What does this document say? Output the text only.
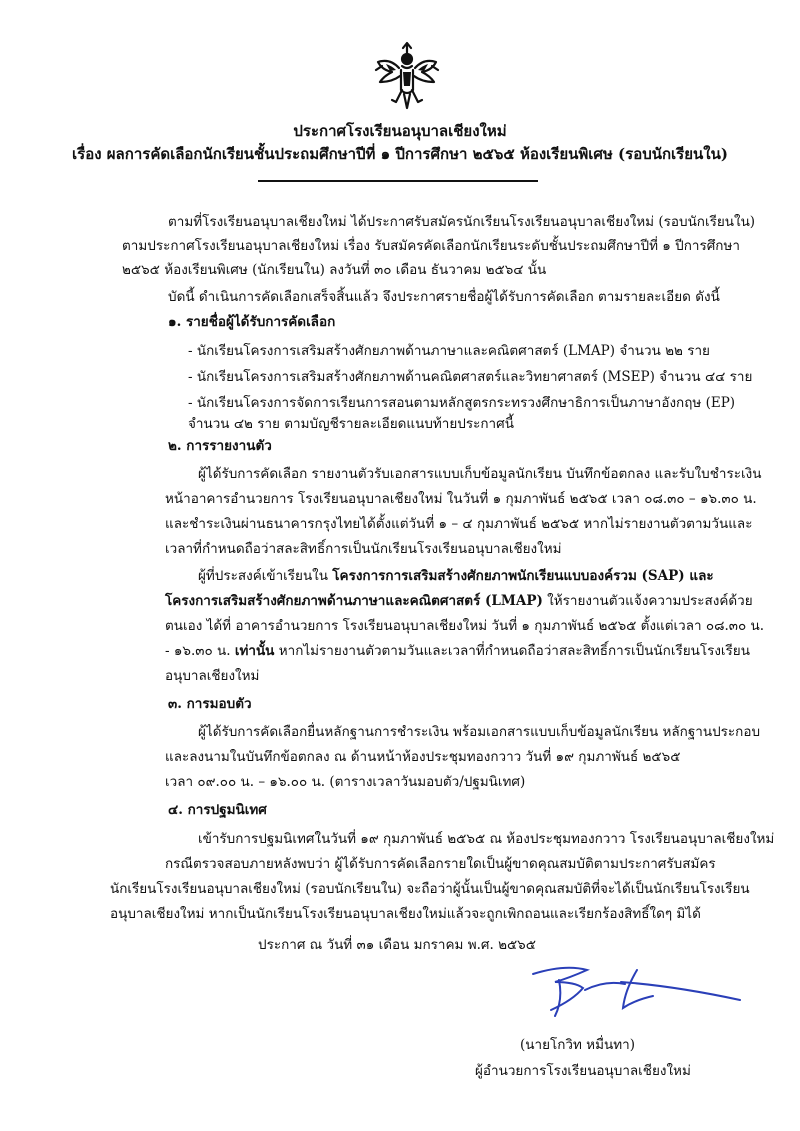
ประกาศโรงเรียนอนุบาลเชียงใหม่
เรื่อง ผลการคัดเลือกนักเรียนชั้นประถมศึกษาปีที่ ๑ ปีการศึกษา ๒๕๖๕ ห้องเรียนพิเศษ (รอบนักเรียนใน)
ตามที่โรงเรียนอนุบาลเชียงใหม่ ได้ประกาศรับสมัครนักเรียนโรงเรียนอนุบาลเชียงใหม่ (รอบนักเรียนใน)
ตามประกาศโรงเรียนอนุบาลเชียงใหม่ เรื่อง รับสมัครคัดเลือกนักเรียนระดับชั้นประถมศึกษาปีที่ ๑ ปีการศึกษา
๒๕๖๕ ห้องเรียนพิเศษ (นักเรียนใน) ลงวันที่ ๓๐ เดือน ธันวาคม ๒๕๖๔ นั้น
บัดนี้ ดำเนินการคัดเลือกเสร็จสิ้นแล้ว จึงประกาศรายชื่อผู้ได้รับการคัดเลือก ตามรายละเอียด ดังนี้
๑. รายชื่อผู้ได้รับการคัดเลือก
- นักเรียนโครงการเสริมสร้างศักยภาพด้านภาษาและคณิตศาสตร์ (LMAP) จำนวน ๒๒ ราย
- นักเรียนโครงการเสริมสร้างศักยภาพด้านคณิตศาสตร์และวิทยาศาสตร์ (MSEP) จำนวน ๔๔ ราย
- นักเรียนโครงการจัดการเรียนการสอนตามหลักสูตรกระทรวงศึกษาธิการเป็นภาษาอังกฤษ (EP)
จำนวน ๔๒ ราย ตามบัญชีรายละเอียดแนบท้ายประกาศนี้
๒. การรายงานตัว
ผู้ได้รับการคัดเลือก รายงานตัวรับเอกสารแบบเก็บข้อมูลนักเรียน บันทึกข้อตกลง และรับใบชำระเงิน
หน้าอาคารอำนวยการ โรงเรียนอนุบาลเชียงใหม่ ในวันที่ ๑ กุมภาพันธ์ ๒๕๖๕ เวลา ๐๘.๓๐ – ๑๖.๓๐ น.
และชำระเงินผ่านธนาคารกรุงไทยได้ตั้งแต่วันที่ ๑ – ๔ กุมภาพันธ์ ๒๕๖๕ หากไม่รายงานตัวตามวันและ
เวลาที่กำหนดถือว่าสละสิทธิ์การเป็นนักเรียนโรงเรียนอนุบาลเชียงใหม่
ผู้ที่ประสงค์เข้าเรียนใน โครงการการเสริมสร้างศักยภาพนักเรียนแบบองค์รวม (SAP) และ
โครงการเสริมสร้างศักยภาพด้านภาษาและคณิตศาสตร์ (LMAP) ให้รายงานตัวแจ้งความประสงค์ด้วย
ตนเอง ได้ที่ อาคารอำนวยการ โรงเรียนอนุบาลเชียงใหม่ วันที่ ๑ กุมภาพันธ์ ๒๕๖๕ ตั้งแต่เวลา ๐๘.๓๐ น.
- ๑๖.๓๐ น. เท่านั้น หากไม่รายงานตัวตามวันและเวลาที่กำหนดถือว่าสละสิทธิ์การเป็นนักเรียนโรงเรียน
อนุบาลเชียงใหม่
๓. การมอบตัว
ผู้ได้รับการคัดเลือกยื่นหลักฐานการชำระเงิน พร้อมเอกสารแบบเก็บข้อมูลนักเรียน หลักฐานประกอบ
และลงนามในบันทึกข้อตกลง ณ ด้านหน้าห้องประชุมทองกวาว วันที่ ๑๙ กุมภาพันธ์ ๒๕๖๕
เวลา ๐๙.๐๐ น. – ๑๖.๐๐ น. (ตารางเวลาวันมอบตัว/ปฐมนิเทศ)
๔. การปฐมนิเทศ
เข้ารับการปฐมนิเทศในวันที่ ๑๙ กุมภาพันธ์ ๒๕๖๕ ณ ห้องประชุมทองกวาว โรงเรียนอนุบาลเชียงใหม่
กรณีตรวจสอบภายหลังพบว่า ผู้ได้รับการคัดเลือกรายใดเป็นผู้ขาดคุณสมบัติตามประกาศรับสมัคร
นักเรียนโรงเรียนอนุบาลเชียงใหม่ (รอบนักเรียนใน) จะถือว่าผู้นั้นเป็นผู้ขาดคุณสมบัติที่จะได้เป็นนักเรียนโรงเรียน
อนุบาลเชียงใหม่ หากเป็นนักเรียนโรงเรียนอนุบาลเชียงใหม่แล้วจะถูกเพิกถอนและเรียกร้องสิทธิ์ใดๆ มิได้
ประกาศ ณ วันที่ ๓๑ เดือน มกราคม พ.ศ. ๒๕๖๕
(นายโกวิท หมื่นทา)
ผู้อำนวยการโรงเรียนอนุบาลเชียงใหม่
